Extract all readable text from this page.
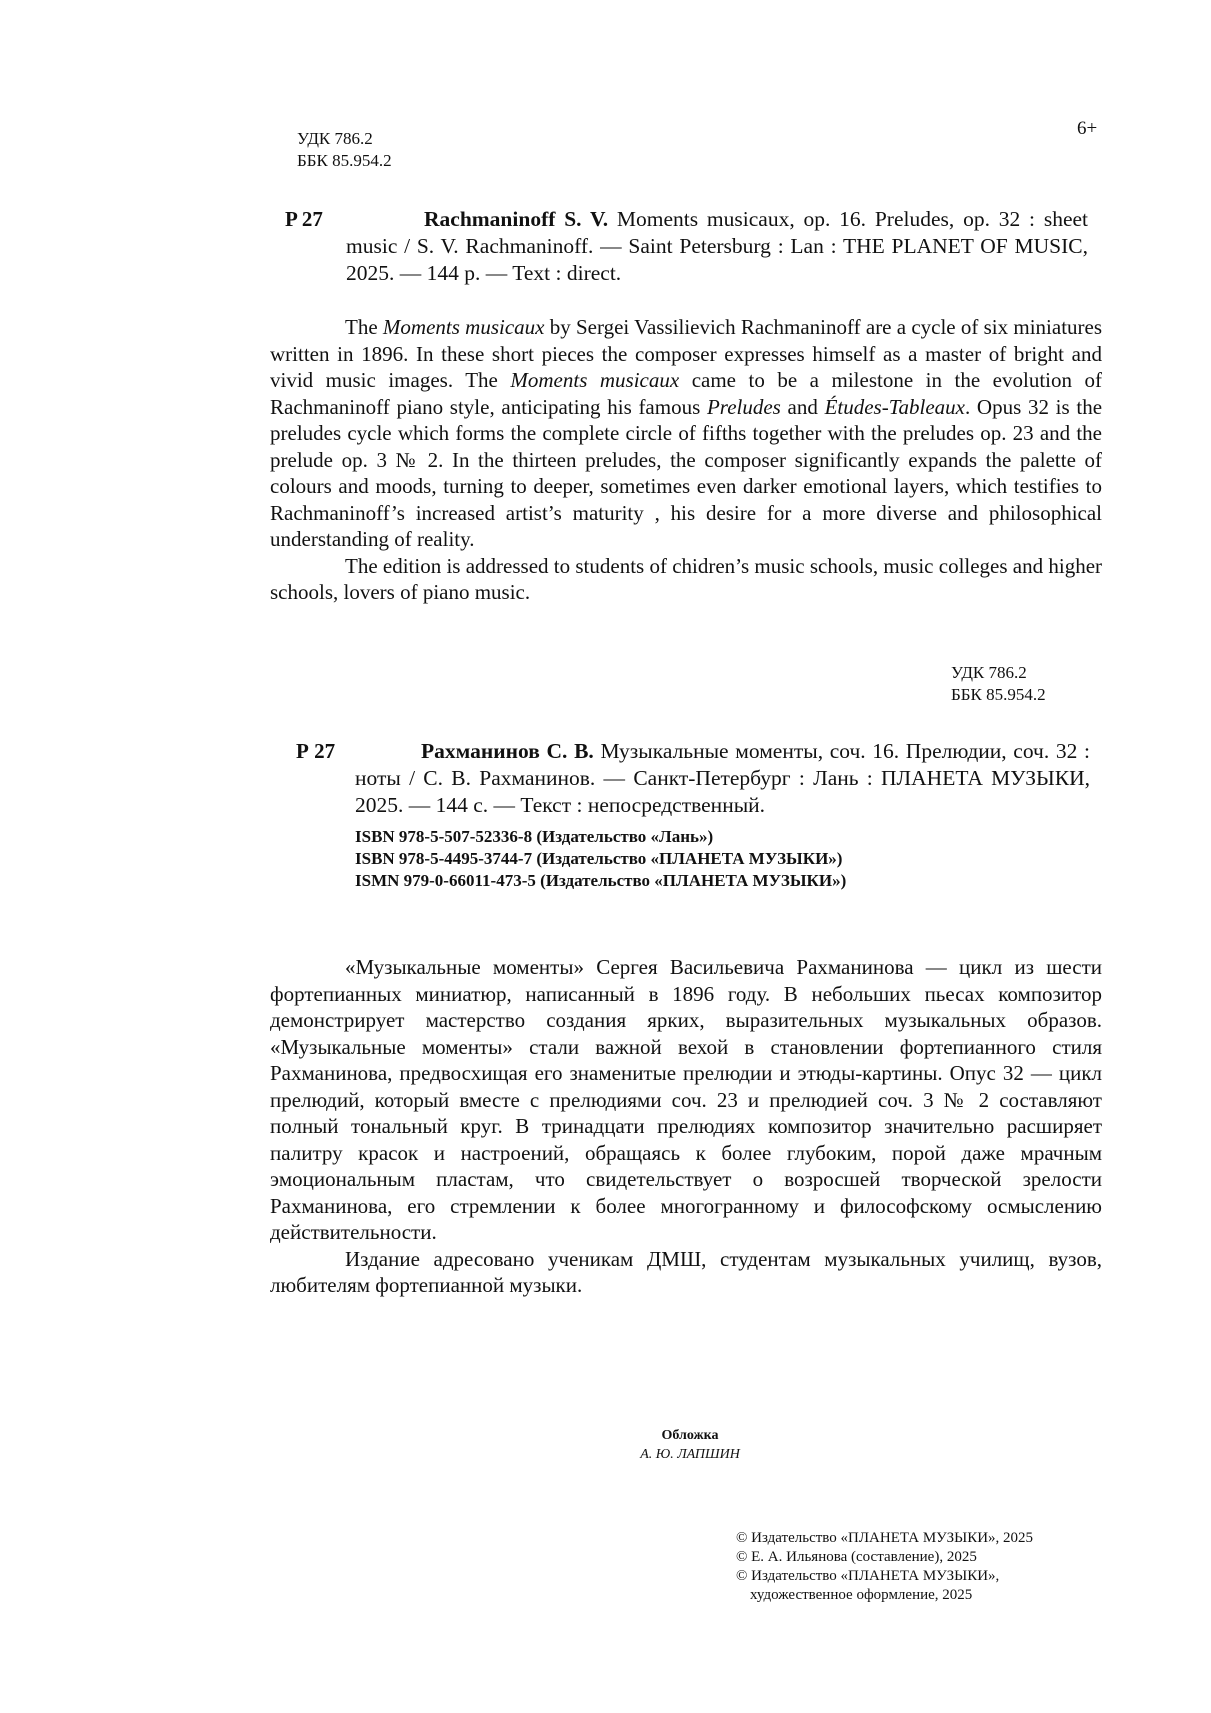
УДК 786.2
ББК 85.954.2
6+
P 27	Rachmaninoff S. V. Moments musicaux, op. 16. Preludes, op. 32 : sheet music / S. V. Rachmaninoff. — Saint Petersburg : Lan : THE PLANET OF MUSIC, 2025. — 144 p. — Text : direct.
The Moments musicaux by Sergei Vassilievich Rachmaninoff are a cycle of six miniatures written in 1896. In these short pieces the composer expresses himself as a master of bright and vivid music images. The Moments musicaux came to be a milestone in the evolution of Rachmaninoff piano style, anticipating his famous Preludes and Études-Tableaux. Opus 32 is the preludes cycle which forms the complete circle of fifths together with the preludes op. 23 and the prelude op. 3 № 2. In the thirteen preludes, the composer significantly expands the palette of colours and moods, turning to deeper, sometimes even darker emotional layers, which testifies to Rachmaninoff’s increased artist’s maturity , his desire for a more diverse and philosophical understanding of reality.
The edition is addressed to students of chidren’s music schools, music colleges and higher schools, lovers of piano music.
УДК 786.2
ББК 85.954.2
Р 27	Рахманинов С. В. Музыкальные моменты, соч. 16. Прелюдии, соч. 32 : ноты / С. В. Рахманинов. — Санкт-Петербург : Лань : ПЛАНЕТА МУЗЫКИ, 2025. — 144 с. — Текст : непосредственный.
ISBN 978-5-507-52336-8 (Издательство «Лань»)
ISBN 978-5-4495-3744-7 (Издательство «ПЛАНЕТА МУЗЫКИ»)
ISMN 979-0-66011-473-5 (Издательство «ПЛАНЕТА МУЗЫКИ»)
«Музыкальные моменты» Сергея Васильевича Рахманинова — цикл из шести фортепианных миниатюр, написанный в 1896 году. В небольших пьесах композитор демонстрирует мастерство создания ярких, выразительных музыкальных образов. «Музыкальные моменты» стали важной вехой в становлении фортепианного стиля Рахманинова, предвосхищая его знаменитые прелюдии и этюды-картины. Опус 32 — цикл прелюдий, который вместе с прелюдиями соч. 23 и прелюдией соч. 3 № 2 составляют полный тональный круг. В тринадцати прелюдиях композитор значительно расширяет палитру красок и настроений, обращаясь к более глубоким, порой даже мрачным эмоциональным пластам, что свидетельствует о возросшей творческой зрелости Рахманинова, его стремлении к более многогранному и философскому осмыслению действительности.
Издание адресовано ученикам ДМШ, студентам музыкальных училищ, вузов, любителям фортепианной музыки.
Обложка
А. Ю. ЛАПШИН
© Издательство «ПЛАНЕТА МУЗЫКИ», 2025
© Е. А. Ильянова (составление), 2025
© Издательство «ПЛАНЕТА МУЗЫКИ»,
художественное оформление, 2025
